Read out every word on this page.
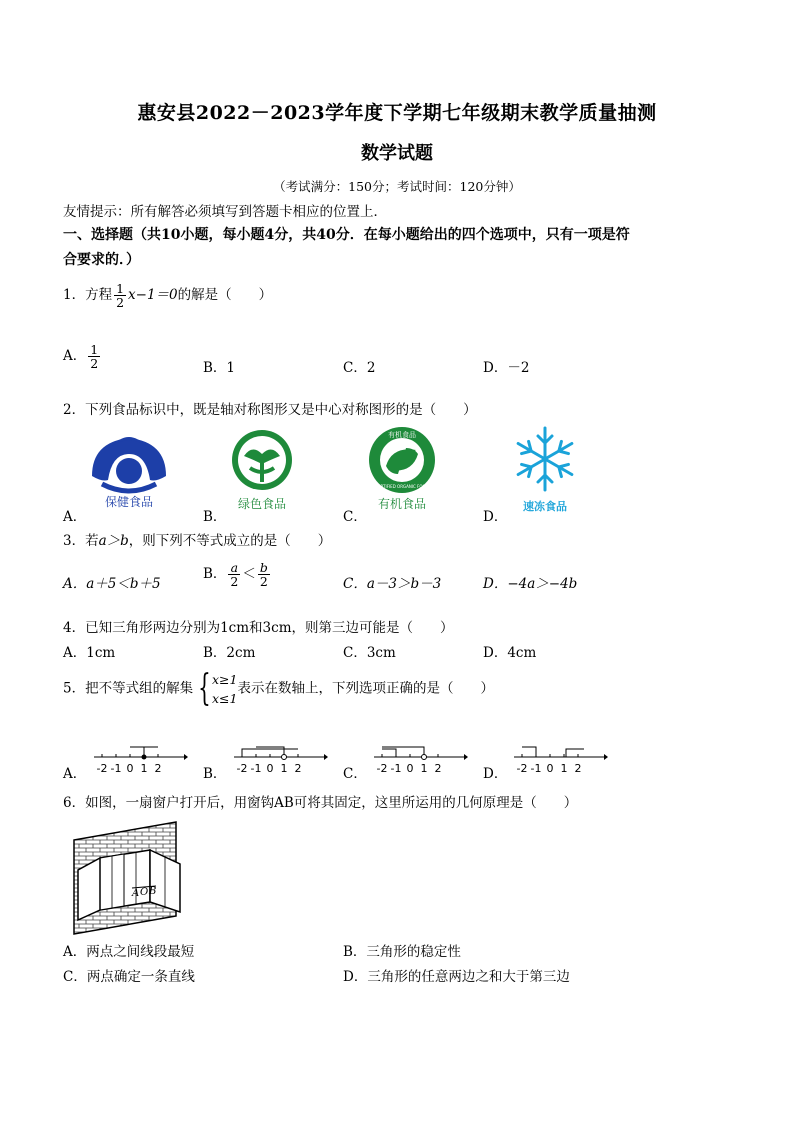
惠安县2022－2023学年度下学期七年级期末教学质量抽测
数学试题
（考试满分：150分；考试时间：120分钟）
友情提示：所有解答必须填写到答题卡相应的位置上．
一、选择题（共10小题，每小题4分，共40分．在每小题给出的四个选项中，只有一项是符
合要求的．）
1．方程 $\frac{1}{2} x-1=0$的解是（　　）
A． $\frac{1}{2}$	B．1	C．2	D．－2
2．下列食品标识中，既是轴对称图形又是中心对称图形的是（　　）
保健食品
A．
绿色食品
B．
有机食品
CERTIFIED ORGANIC FOOD
有机食品
C．
速冻食品
D．
3．若a＞b，则下列不等式成立的是（　　）
A．a＋5＜b＋5
B． $\frac{a}{2} < \frac{b}{2}$	C．a－3＞b－3	D．−4a＞−4b
4．已知三角形两边分别为1cm和3cm，则第三边可能是（　　）
A．1cm	B．2cm	C．3cm	D．4cm
5．把不等式组的解集 { x≥1
x≤1
表示在数轴上，下列选项正确的是（　　）
A．	B．	C．	D．
-2 -1 0 1 2	-2 -1 0 1 2	-2 -1 0 1 2	-2 -1 0 1 2
6．如图，一扇窗户打开后，用窗钩AB可将其固定，这里所运用的几何原理是（　　）
A O B
A．两点之间线段最短	B．三角形的稳定性
C．两点确定一条直线	D．三角形的任意两边之和大于第三边
